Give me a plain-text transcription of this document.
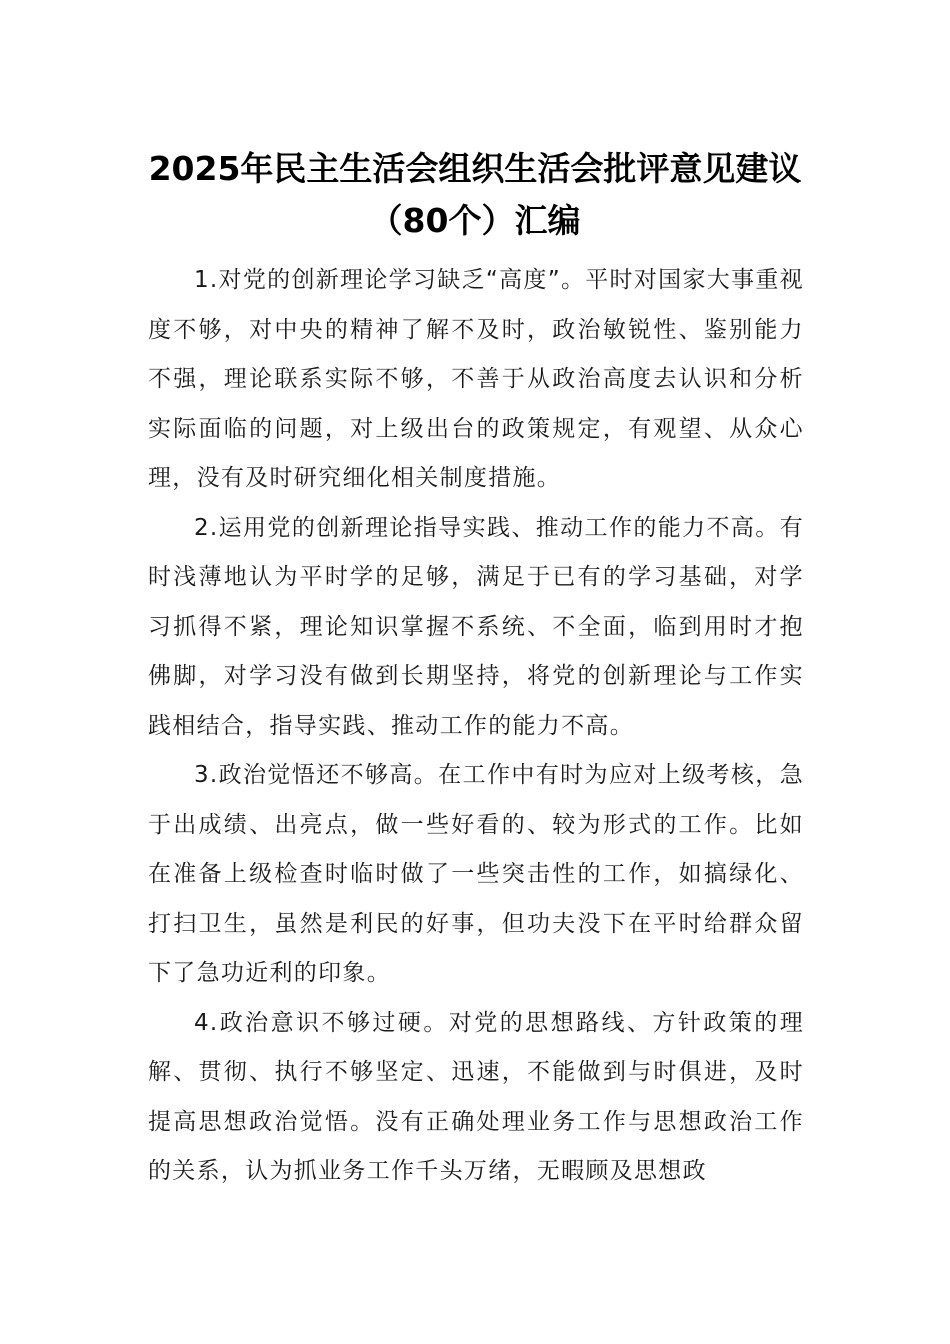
2025年民主生活会组织生活会批评意见建议（80个）汇编

1.对党的创新理论学习缺乏“高度”。平时对国家大事重视度不够，对中央的精神了解不及时，政治敏锐性、鉴别能力不强，理论联系实际不够，不善于从政治高度去认识和分析实际面临的问题，对上级出台的政策规定，有观望、从众心理，没有及时研究细化相关制度措施。

2.运用党的创新理论指导实践、推动工作的能力不高。有时浅薄地认为平时学的足够，满足于已有的学习基础，对学习抓得不紧，理论知识掌握不系统、不全面，临到用时才抱佛脚，对学习没有做到长期坚持，将党的创新理论与工作实践相结合，指导实践、推动工作的能力不高。

3.政治觉悟还不够高。在工作中有时为应对上级考核，急于出成绩、出亮点，做一些好看的、较为形式的工作。比如在准备上级检查时临时做了一些突击性的工作，如搞绿化、打扫卫生，虽然是利民的好事，但功夫没下在平时给群众留下了急功近利的印象。

4.政治意识不够过硬。对党的思想路线、方针政策的理解、贯彻、执行不够坚定、迅速，不能做到与时俱进，及时提高思想政治觉悟。没有正确处理业务工作与思想政治工作的关系，认为抓业务工作千头万绪，无暇顾及思想政
